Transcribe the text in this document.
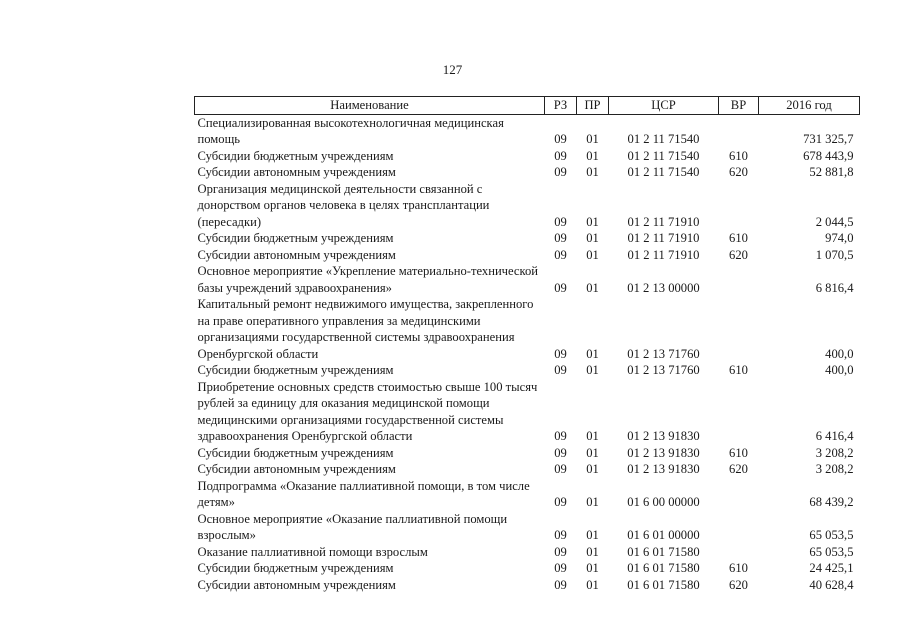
127
Наименование	РЗ	ПР	ЦСР	ВР	2016 год
Специализированная высокотехнологичная медицинская помощь	09	01	01 2 11 71540		731 325,7
Субсидии бюджетным учреждениям	09	01	01 2 11 71540	610	678 443,9
Субсидии автономным учреждениям	09	01	01 2 11 71540	620	52 881,8
Организация медицинской деятельности связанной с донорством органов человека в целях трансплантации (пересадки)	09	01	01 2 11 71910		2 044,5
Субсидии бюджетным учреждениям	09	01	01 2 11 71910	610	974,0
Субсидии автономным учреждениям	09	01	01 2 11 71910	620	1 070,5
Основное мероприятие «Укрепление материально-технической базы учреждений здравоохранения»	09	01	01 2 13 00000		6 816,4
Капитальный ремонт недвижимого имущества, закрепленного на праве оперативного управления за медицинскими организациями государственной системы здравоохранения Оренбургской области	09	01	01 2 13 71760		400,0
Субсидии бюджетным учреждениям	09	01	01 2 13 71760	610	400,0
Приобретение основных средств стоимостью свыше 100 тысяч рублей за единицу для оказания медицинской помощи медицинскими организациями государственной системы здравоохранения Оренбургской области	09	01	01 2 13 91830		6 416,4
Субсидии бюджетным учреждениям	09	01	01 2 13 91830	610	3 208,2
Субсидии автономным учреждениям	09	01	01 2 13 91830	620	3 208,2
Подпрограмма «Оказание паллиативной помощи, в том числе детям»	09	01	01 6 00 00000		68 439,2
Основное мероприятие «Оказание паллиативной помощи взрослым»	09	01	01 6 01 00000		65 053,5
Оказание паллиативной помощи взрослым	09	01	01 6 01 71580		65 053,5
Субсидии бюджетным учреждениям	09	01	01 6 01 71580	610	24 425,1
Субсидии автономным учреждениям	09	01	01 6 01 71580	620	40 628,4
